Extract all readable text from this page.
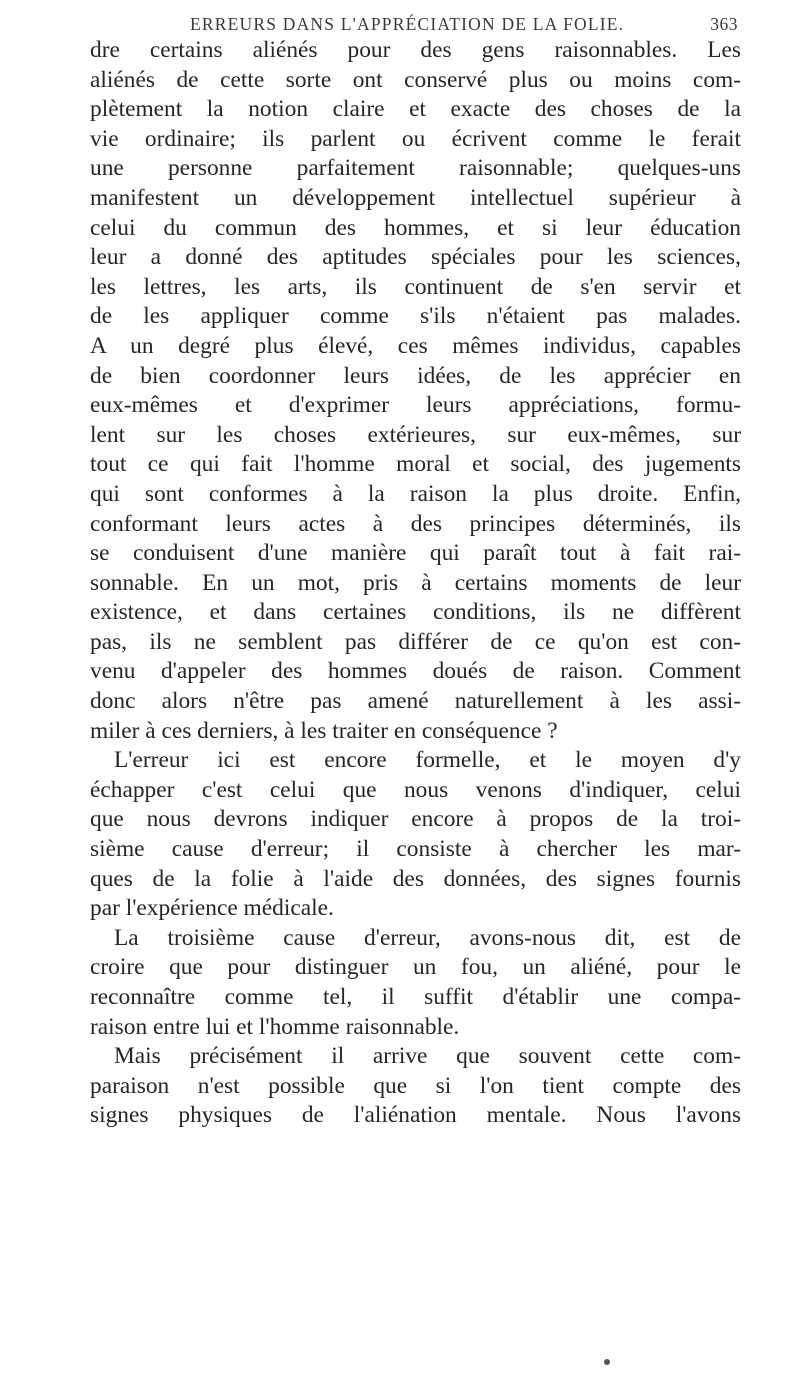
ERREURS DANS L'APPRÉCIATION DE LA FOLIE.	363
dre certains aliénés pour des gens raisonnables. Les
aliénés de cette sorte ont conservé plus ou moins com-
plètement la notion claire et exacte des choses de la
vie ordinaire; ils parlent ou écrivent comme le ferait
une personne parfaitement raisonnable; quelques-uns
manifestent un développement intellectuel supérieur à
celui du commun des hommes, et si leur éducation
leur a donné des aptitudes spéciales pour les sciences,
les lettres, les arts, ils continuent de s'en servir et
de les appliquer comme s'ils n'étaient pas malades.
A un degré plus élevé, ces mêmes individus, capables
de bien coordonner leurs idées, de les apprécier en
eux-mêmes et d'exprimer leurs appréciations, formu-
lent sur les choses extérieures, sur eux-mêmes, sur
tout ce qui fait l'homme moral et social, des jugements
qui sont conformes à la raison la plus droite. Enfin,
conformant leurs actes à des principes déterminés, ils
se conduisent d'une manière qui paraît tout à fait rai-
sonnable. En un mot, pris à certains moments de leur
existence, et dans certaines conditions, ils ne diffèrent
pas, ils ne semblent pas différer de ce qu'on est con-
venu d'appeler des hommes doués de raison. Comment
donc alors n'être pas amené naturellement à les assi-
miler à ces derniers, à les traiter en conséquence ?
L'erreur ici est encore formelle, et le moyen d'y
échapper c'est celui que nous venons d'indiquer, celui
que nous devrons indiquer encore à propos de la troi-
sième cause d'erreur; il consiste à chercher les mar-
ques de la folie à l'aide des données, des signes fournis
par l'expérience médicale.
La troisième cause d'erreur, avons-nous dit, est de
croire que pour distinguer un fou, un aliéné, pour le
reconnaître comme tel, il suffit d'établir une compa-
raison entre lui et l'homme raisonnable.
Mais précisément il arrive que souvent cette com-
paraison n'est possible que si l'on tient compte des
signes physiques de l'aliénation mentale. Nous l'avons
